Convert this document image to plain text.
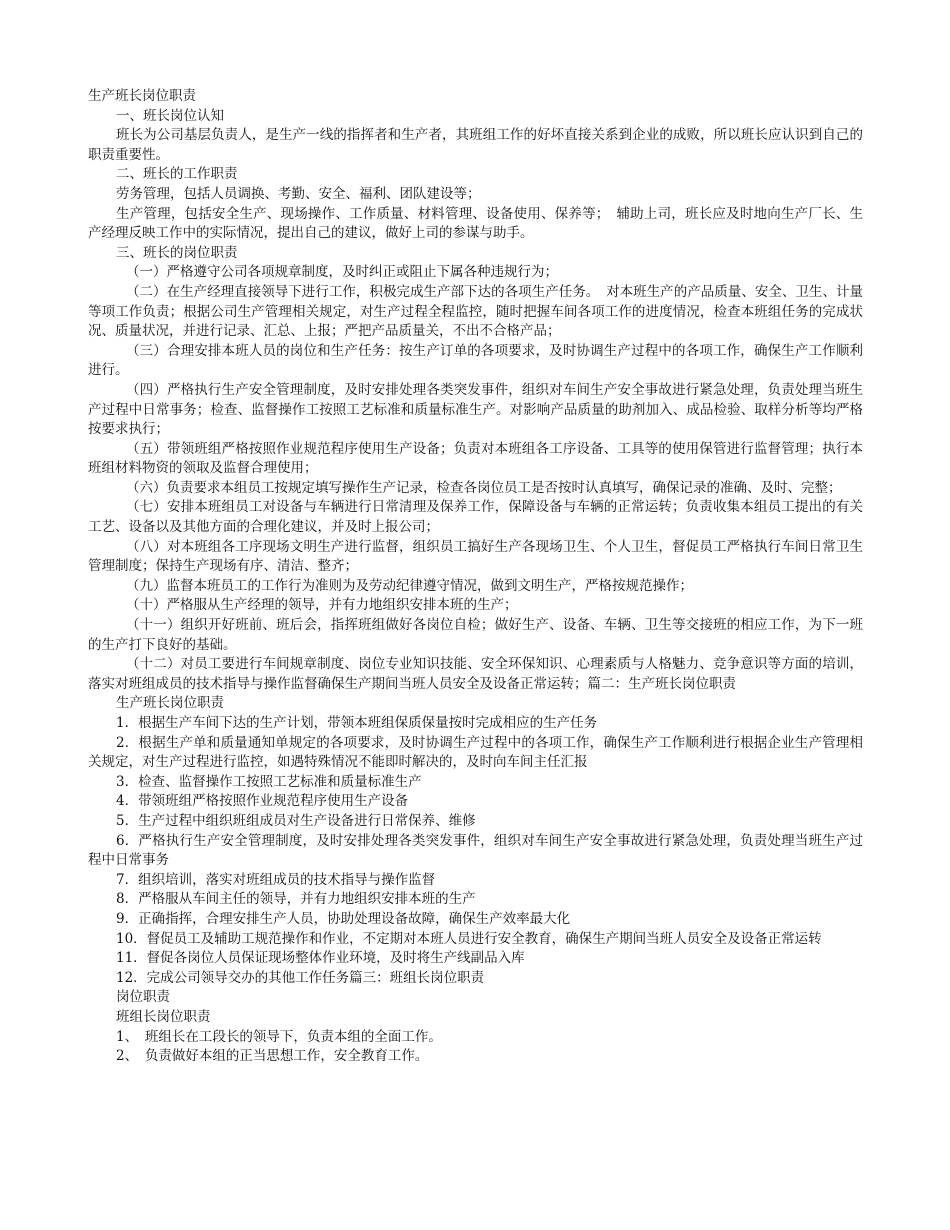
生产班长岗位职责

一、班长岗位认知

班长为公司基层负责人，是生产一线的指挥者和生产者，其班组工作的好坏直接关系到企业的成败，所以班长应认识到自己的职责重要性。

二、班长的工作职责

劳务管理，包括人员调换、考勤、安全、福利、团队建设等；

生产管理，包括安全生产、现场操作、工作质量、材料管理、设备使用、保养等；　辅助上司，班长应及时地向生产厂长、生产经理反映工作中的实际情况，提出自己的建议，做好上司的参谋与助手。

三、班长的岗位职责

（一）严格遵守公司各项规章制度，及时纠正或阻止下属各种违规行为；

（二）在生产经理直接领导下进行工作，积极完成生产部下达的各项生产任务。　对本班生产的产品质量、安全、卫生、计量等项工作负责；根据公司生产管理相关规定，对生产过程全程监控，随时把握车间各项工作的进度情况，检查本班组任务的完成状况、质量状况，并进行记录、汇总、上报；严把产品质量关，不出不合格产品；

（三）合理安排本班人员的岗位和生产任务：按生产订单的各项要求，及时协调生产过程中的各项工作，确保生产工作顺利进行。

（四）严格执行生产安全管理制度，及时安排处理各类突发事件，组织对车间生产安全事故进行紧急处理，负责处理当班生产过程中日常事务；检查、监督操作工按照工艺标准和质量标准生产。对影响产品质量的助剂加入、成品检验、取样分析等均严格按要求执行；

（五）带领班组严格按照作业规范程序使用生产设备；负责对本班组各工序设备、工具等的使用保管进行监督管理；执行本班组材料物资的领取及监督合理使用；

（六）负责要求本组员工按规定填写操作生产记录，检查各岗位员工是否按时认真填写，确保记录的准确、及时、完整；

（七）安排本班组员工对设备与车辆进行日常清理及保养工作，保障设备与车辆的正常运转；负责收集本组员工提出的有关工艺、设备以及其他方面的合理化建议，并及时上报公司；

（八）对本班组各工序现场文明生产进行监督，组织员工搞好生产各现场卫生、个人卫生，督促员工严格执行车间日常卫生管理制度；保持生产现场有序、清洁、整齐；

（九）监督本班员工的工作行为准则为及劳动纪律遵守情况，做到文明生产，严格按规范操作；

（十）严格服从生产经理的领导，并有力地组织安排本班的生产；

（十一）组织开好班前、班后会，指挥班组做好各岗位自检；做好生产、设备、车辆、卫生等交接班的相应工作，为下一班的生产打下良好的基础。

（十二）对员工要进行车间规章制度、岗位专业知识技能、安全环保知识、心理素质与人格魅力、竞争意识等方面的培训，落实对班组成员的技术指导与操作监督确保生产期间当班人员安全及设备正常运转；篇二：生产班长岗位职责

生产班长岗位职责

1．根据生产车间下达的生产计划，带领本班组保质保量按时完成相应的生产任务

2．根据生产单和质量通知单规定的各项要求，及时协调生产过程中的各项工作，确保生产工作顺利进行根据企业生产管理相关规定，对生产过程进行监控，如遇特殊情况不能即时解决的，及时向车间主任汇报

3．检查、监督操作工按照工艺标准和质量标准生产

4．带领班组严格按照作业规范程序使用生产设备

5．生产过程中组织班组成员对生产设备进行日常保养、维修

6．严格执行生产安全管理制度，及时安排处理各类突发事件，组织对车间生产安全事故进行紧急处理，负责处理当班生产过程中日常事务

7．组织培训，落实对班组成员的技术指导与操作监督

8．严格服从车间主任的领导，并有力地组织安排本班的生产

9．正确指挥，合理安排生产人员，协助处理设备故障，确保生产效率最大化

10．督促员工及辅助工规范操作和作业，不定期对本班人员进行安全教育，确保生产期间当班人员安全及设备正常运转

11．督促各岗位人员保证现场整体作业环境，及时将生产线副品入库

12．完成公司领导交办的其他工作任务篇三：班组长岗位职责

岗位职责

班组长岗位职责

1、　班组长在工段长的领导下，负责本组的全面工作。

2、　负责做好本组的正当思想工作，安全教育工作。
